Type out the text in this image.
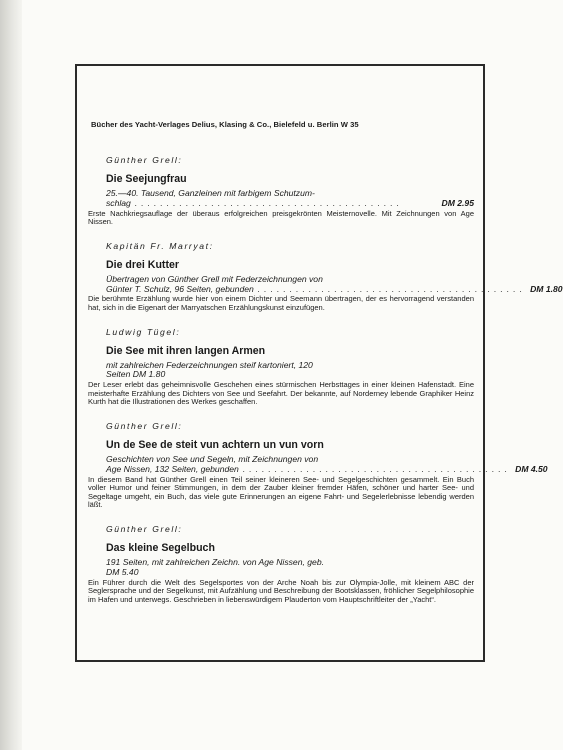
Bücher des Yacht-Verlages Delius, Klasing & Co., Bielefeld u. Berlin W 35
Günther Grell:
Die Seejungfrau
25.—40. Tausend, Ganzleinen mit farbigem Schutzum-
schlag ..........................................	DM 2.95
Erste Nachkriegsauflage der überaus erfolgreichen preisgekrönten Meisternovelle. Mit Zeichnungen von Age Nissen.
Kapitän Fr. Marryat:
Die drei Kutter
Übertragen von Günther Grell mit Federzeichnungen von
Günter T. Schulz, 96 Seiten, gebunden .......................................... DM 1.80
Die berühmte Erzählung wurde hier von einem Dichter und Seemann übertragen, der es hervorragend verstanden hat, sich in die Eigenart der Marryatschen Erzählungskunst einzufügen.
Ludwig Tügel:
Die See mit ihren langen Armen
mit zahlreichen Federzeichnungen steif kartoniert, 120
Seiten DM 1.80
Der Leser erlebt das geheimnisvolle Geschehen eines stürmischen Herbsttages in einer kleinen Hafenstadt. Eine meisterhafte Erzählung des Dichters von See und Seefahrt. Der bekannte, auf Norderney lebende Graphiker Heinz Kurth hat die Illustrationen des Werkes geschaffen.
Günther Grell:
Un de See de steit vun achtern un vun vorn
Geschichten von See und Segeln, mit Zeichnungen von
Age Nissen, 132 Seiten, gebunden .......................................... DM 4.50
In diesem Band hat Günther Grell einen Teil seiner kleineren See- und Segelgeschichten gesammelt. Ein Buch voller Humor und feiner Stimmungen, in dem der Zauber kleiner fremder Häfen, schöner und harter See- und Segeltage umgeht, ein Buch, das viele gute Erinnerungen an eigene Fahrt- und Segelerlebnisse lebendig werden läßt.
Günther Grell:
Das kleine Segelbuch
191 Seiten, mit zahlreichen Zeichn. von Age Nissen, geb.
DM 5.40
Ein Führer durch die Welt des Segelsportes von der Arche Noah bis zur Olympia-Jolle, mit kleinem ABC der Seglersprache und der Segelkunst, mit Aufzählung und Beschreibung der Bootsklassen, fröhlicher Segelphilosophie im Hafen und unterwegs. Geschrieben in liebenswürdigem Plauderton vom Hauptschriftleiter der „Yacht“.
